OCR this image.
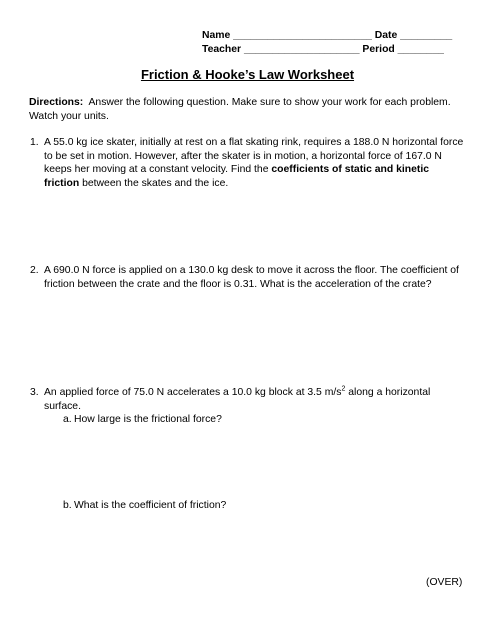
Name ________________________ Date _________
Teacher ____________________ Period ________
Friction & Hooke’s Law Worksheet
Directions: Answer the following question. Make sure to show your work for each problem. Watch your units.
1. A 55.0 kg ice skater, initially at rest on a flat skating rink, requires a 188.0 N horizontal force to be set in motion. However, after the skater is in motion, a horizontal force of 167.0 N keeps her moving at a constant velocity. Find the coefficients of static and kinetic friction between the skates and the ice.
2. A 690.0 N force is applied on a 130.0 kg desk to move it across the floor. The coefficient of friction between the crate and the floor is 0.31. What is the acceleration of the crate?
3. An applied force of 75.0 N accelerates a 10.0 kg block at 3.5 $m/s^2$ along a horizontal surface.
a. How large is the frictional force?
b. What is the coefficient of friction?
(OVER)
